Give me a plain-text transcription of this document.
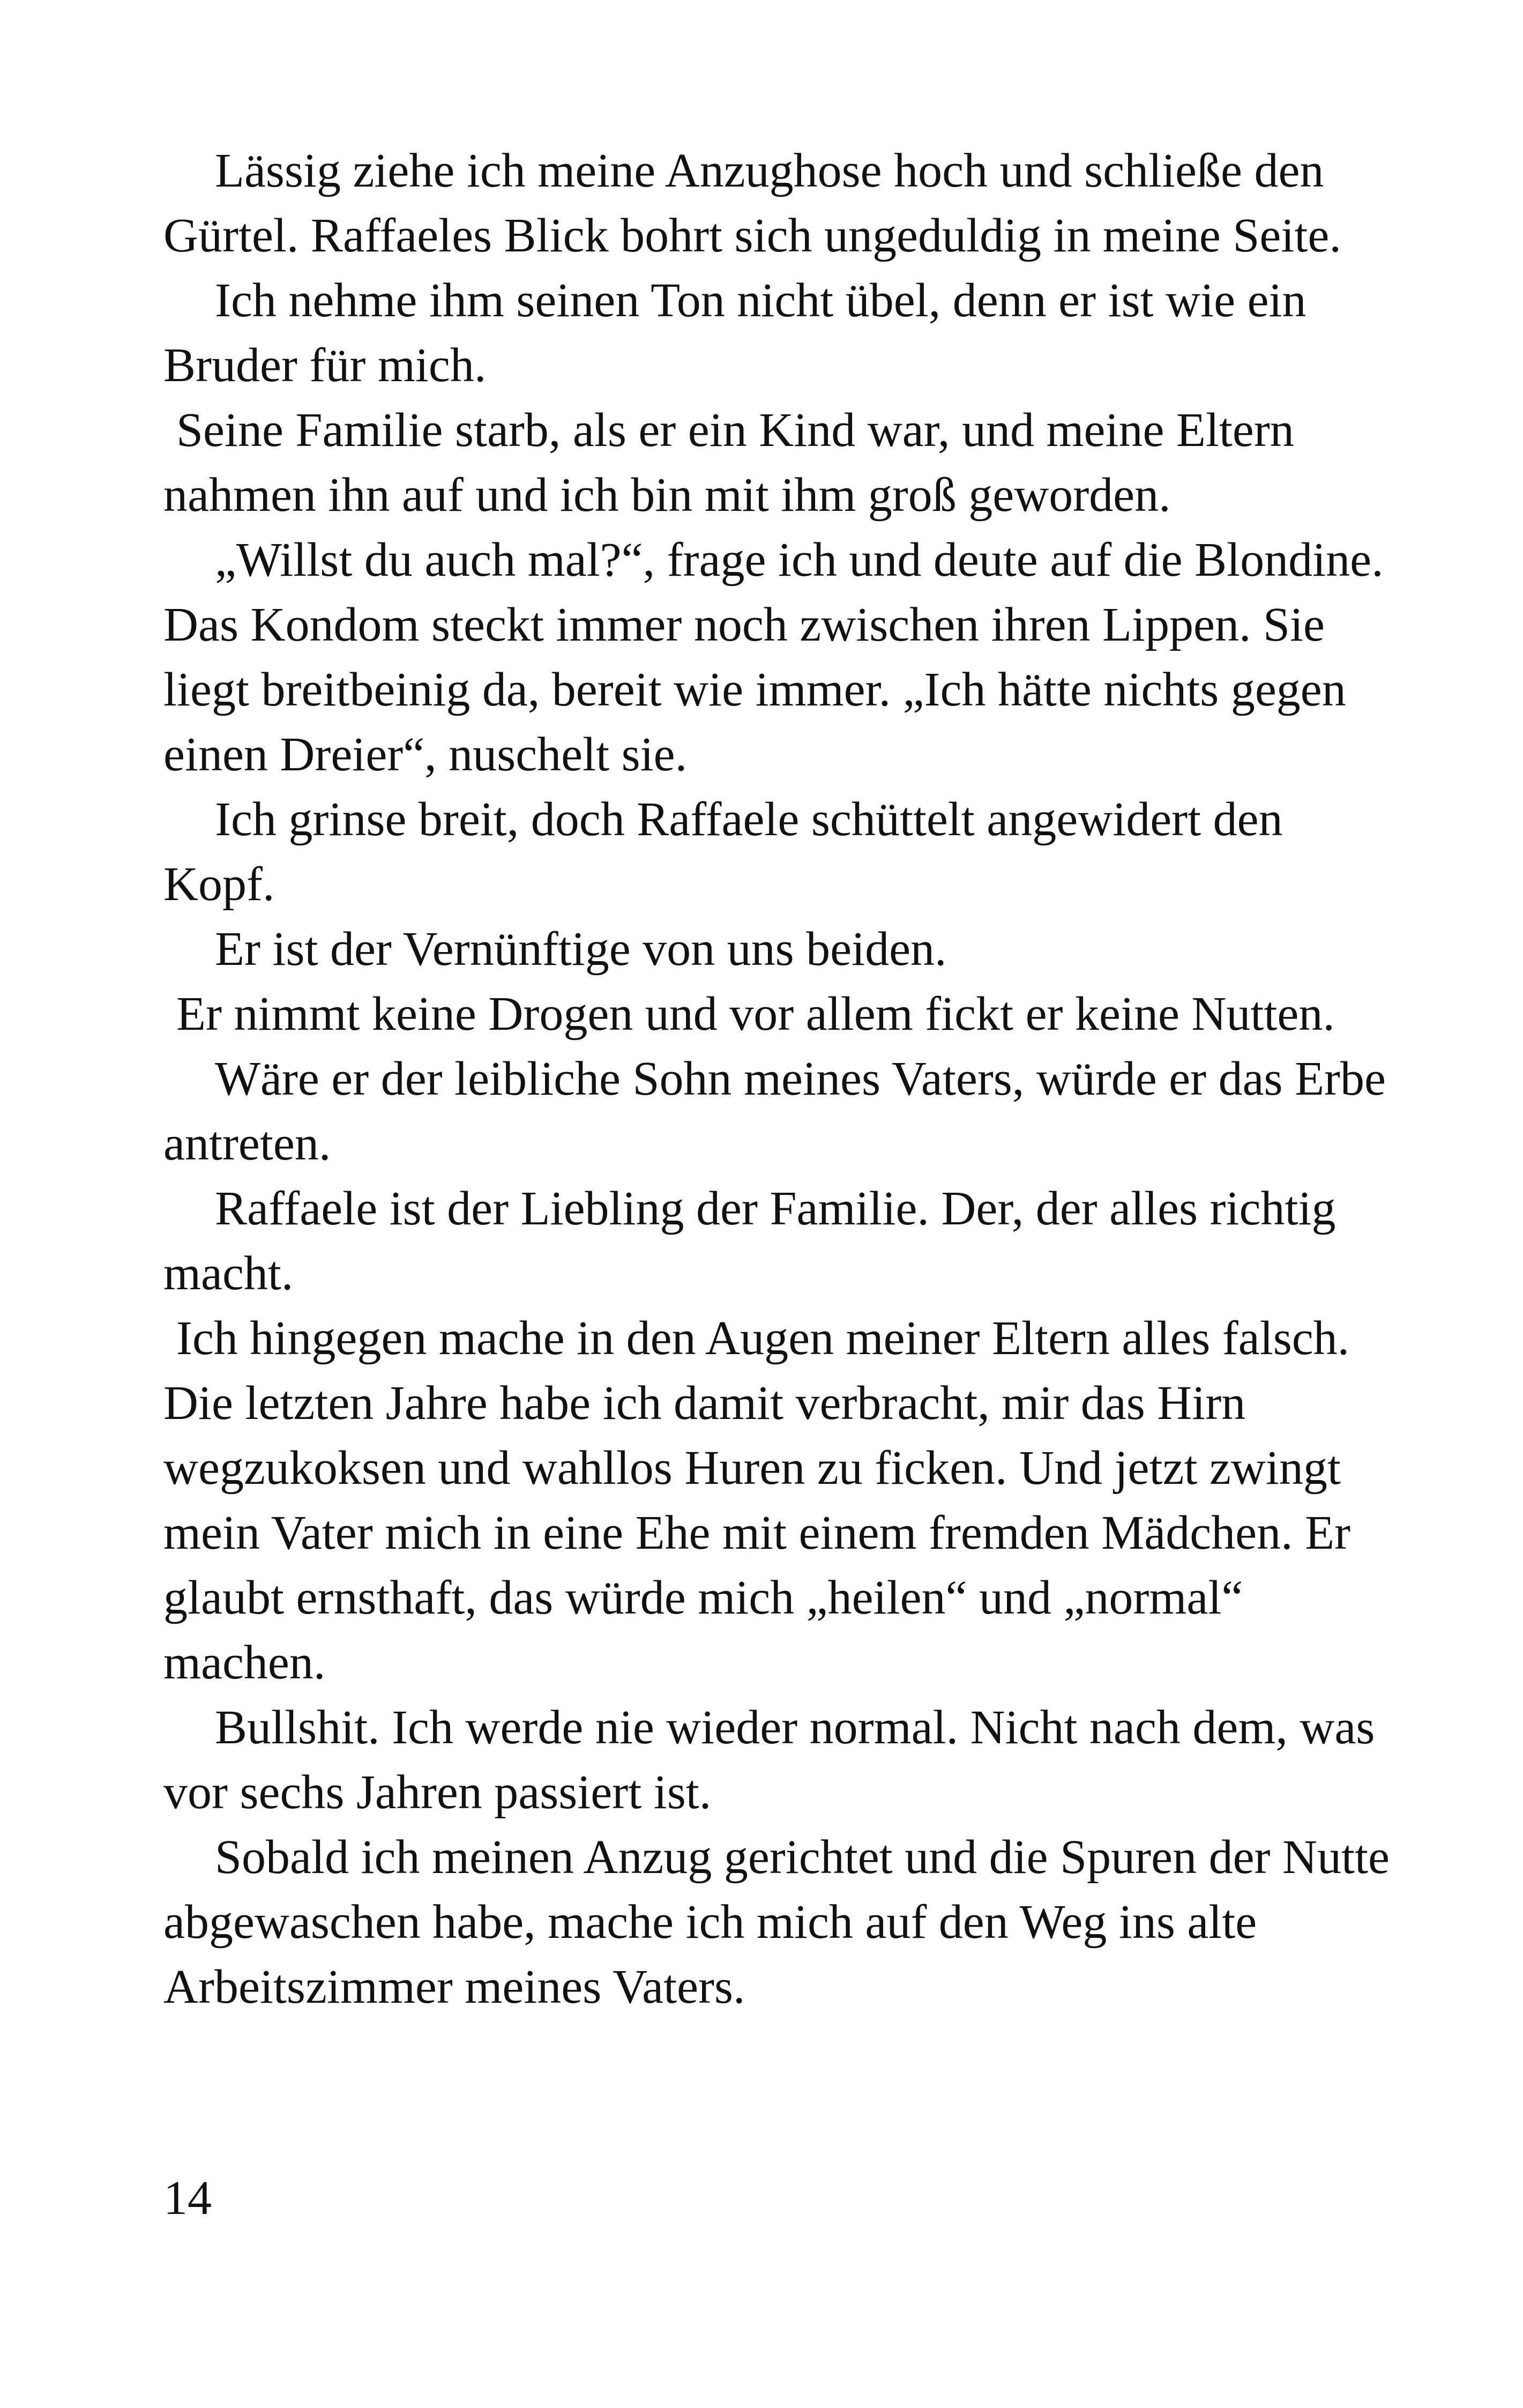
Lässig ziehe ich meine Anzughose hoch und schließe den Gürtel. Raffaeles Blick bohrt sich ungeduldig in meine Seite.

Ich nehme ihm seinen Ton nicht übel, denn er ist wie ein Bruder für mich.

Seine Familie starb, als er ein Kind war, und meine Eltern nahmen ihn auf und ich bin mit ihm groß geworden.

„Willst du auch mal?“, frage ich und deute auf die Blondine. Das Kondom steckt immer noch zwischen ihren Lippen. Sie liegt breitbeinig da, bereit wie immer. „Ich hätte nichts gegen einen Dreier“, nuschelt sie.

Ich grinse breit, doch Raffaele schüttelt angewidert den Kopf.

Er ist der Vernünftige von uns beiden.

Er nimmt keine Drogen und vor allem fickt er keine Nutten.

Wäre er der leibliche Sohn meines Vaters, würde er das Erbe antreten.

Raffaele ist der Liebling der Familie. Der, der alles richtig macht.

Ich hingegen mache in den Augen meiner Eltern alles falsch. Die letzten Jahre habe ich damit verbracht, mir das Hirn wegzukoksen und wahllos Huren zu ficken. Und jetzt zwingt mein Vater mich in eine Ehe mit einem fremden Mädchen. Er glaubt ernsthaft, das würde mich „heilen“ und „normal“ machen.

Bullshit. Ich werde nie wieder normal. Nicht nach dem, was vor sechs Jahren passiert ist.

Sobald ich meinen Anzug gerichtet und die Spuren der Nutte abgewaschen habe, mache ich mich auf den Weg ins alte Arbeitszimmer meines Vaters.

14
